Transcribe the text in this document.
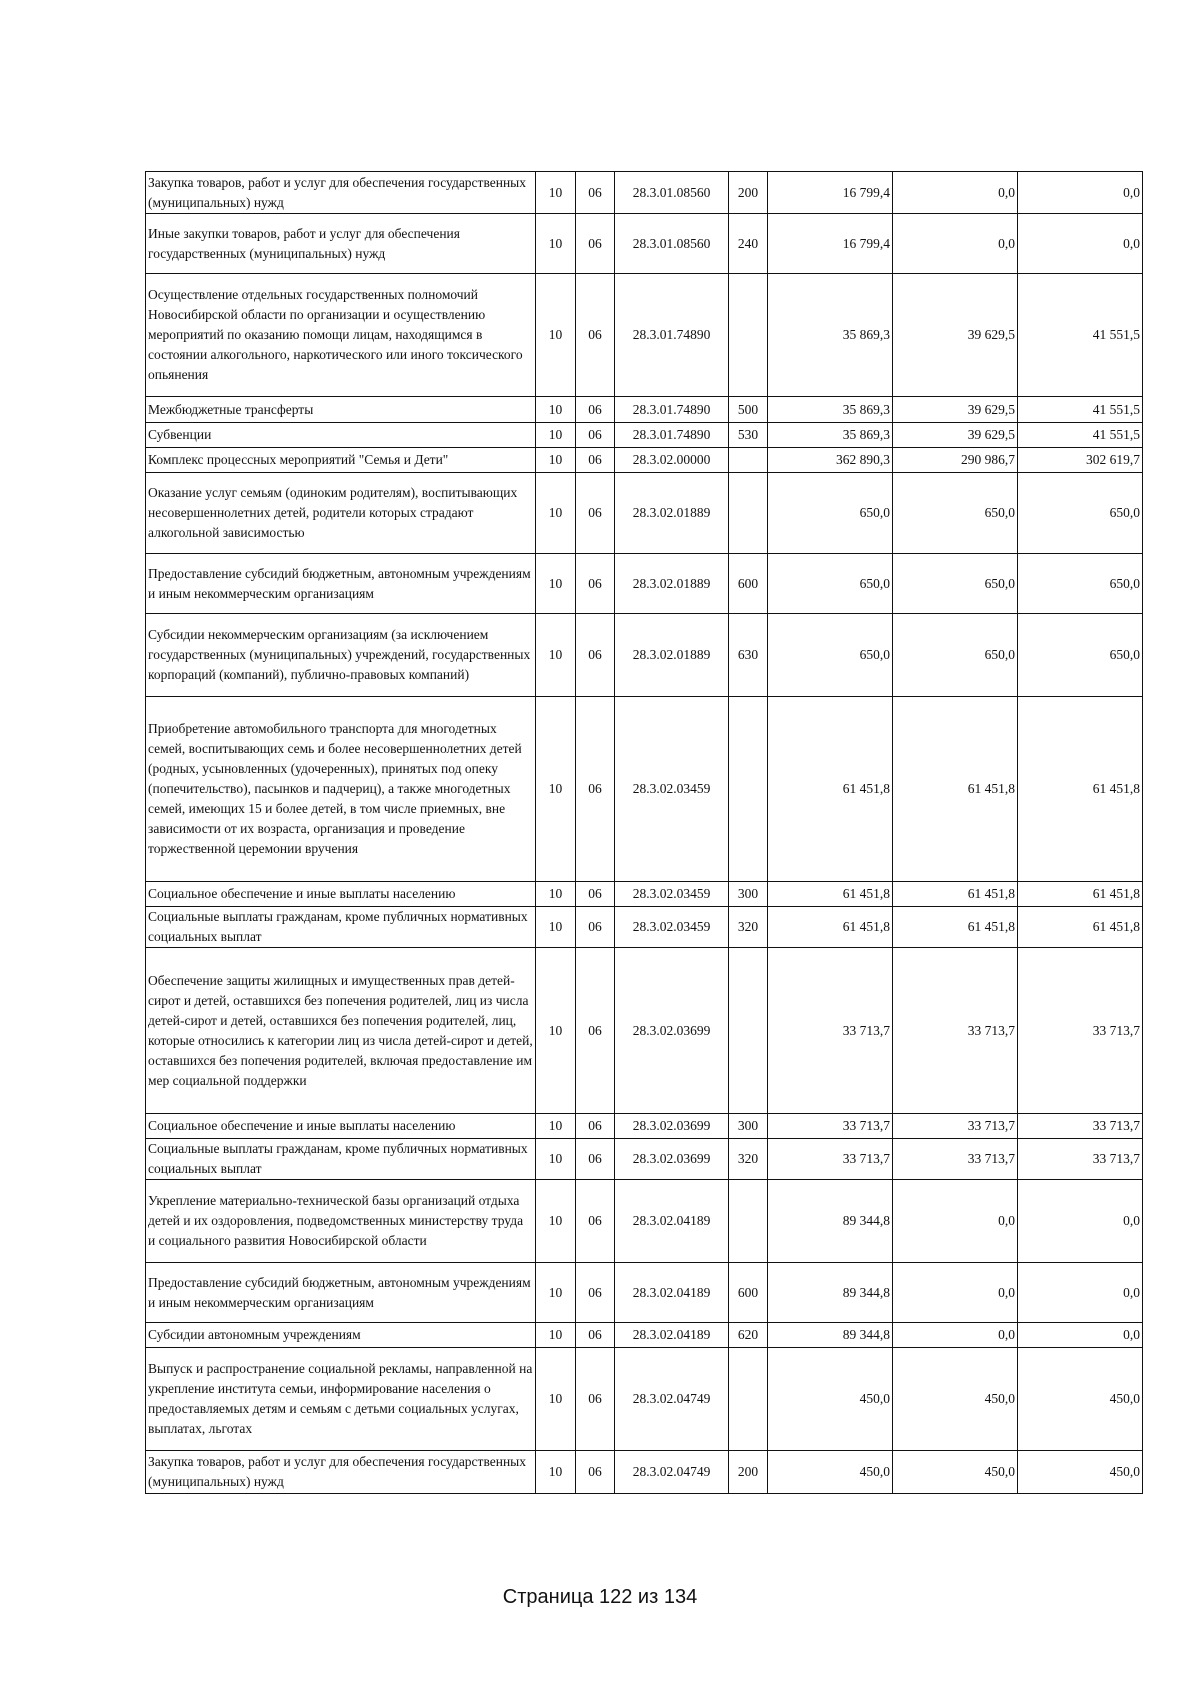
Закупка товаров, работ и услуг для обеспечения государственных (муниципальных) нужд	10	06	28.3.01.08560	200	16 799,4	0,0	0,0
Иные закупки товаров, работ и услуг для обеспечения государственных (муниципальных) нужд	10	06	28.3.01.08560	240	16 799,4	0,0	0,0
Осуществление отдельных государственных полномочий Новосибирской области по организации и осуществлению мероприятий по оказанию помощи лицам, находящимся в состоянии алкогольного, наркотического или иного токсического опьянения	10	06	28.3.01.74890		35 869,3	39 629,5	41 551,5
Межбюджетные трансферты	10	06	28.3.01.74890	500	35 869,3	39 629,5	41 551,5
Субвенции	10	06	28.3.01.74890	530	35 869,3	39 629,5	41 551,5
Комплекс процессных мероприятий "Семья и Дети"	10	06	28.3.02.00000		362 890,3	290 986,7	302 619,7
Оказание услуг семьям (одиноким родителям), воспитывающих несовершеннолетних детей, родители которых страдают алкогольной зависимостью	10	06	28.3.02.01889		650,0	650,0	650,0
Предоставление субсидий бюджетным, автономным учреждениям и иным некоммерческим организациям	10	06	28.3.02.01889	600	650,0	650,0	650,0
Субсидии некоммерческим организациям (за исключением государственных (муниципальных) учреждений, государственных корпораций (компаний), публично-правовых компаний)	10	06	28.3.02.01889	630	650,0	650,0	650,0
Приобретение автомобильного транспорта для многодетных семей, воспитывающих семь и более несовершеннолетних детей (родных, усыновленных (удочеренных), принятых под опеку (попечительство), пасынков и падчериц), а также многодетных семей, имеющих 15 и более детей, в том числе приемных, вне зависимости от их возраста, организация и проведение торжественной церемонии вручения	10	06	28.3.02.03459		61 451,8	61 451,8	61 451,8
Социальное обеспечение и иные выплаты населению	10	06	28.3.02.03459	300	61 451,8	61 451,8	61 451,8
Социальные выплаты гражданам, кроме публичных нормативных социальных выплат	10	06	28.3.02.03459	320	61 451,8	61 451,8	61 451,8
Обеспечение защиты жилищных и имущественных прав детей-сирот и детей, оставшихся без попечения родителей, лиц из числа детей-сирот и детей, оставшихся без попечения родителей, лиц, которые относились к категории лиц из числа детей-сирот и детей, оставшихся без попечения родителей, включая предоставление им мер социальной поддержки	10	06	28.3.02.03699		33 713,7	33 713,7	33 713,7
Социальное обеспечение и иные выплаты населению	10	06	28.3.02.03699	300	33 713,7	33 713,7	33 713,7
Социальные выплаты гражданам, кроме публичных нормативных социальных выплат	10	06	28.3.02.03699	320	33 713,7	33 713,7	33 713,7
Укрепление материально-технической базы организаций отдыха детей и их оздоровления, подведомственных министерству труда и социального развития Новосибирской области	10	06	28.3.02.04189		89 344,8	0,0	0,0
Предоставление субсидий бюджетным, автономным учреждениям и иным некоммерческим организациям	10	06	28.3.02.04189	600	89 344,8	0,0	0,0
Субсидии автономным учреждениям	10	06	28.3.02.04189	620	89 344,8	0,0	0,0
Выпуск и распространение социальной рекламы, направленной на укрепление института семьи, информирование населения о предоставляемых детям и семьям с детьми социальных услугах, выплатах, льготах	10	06	28.3.02.04749		450,0	450,0	450,0
Закупка товаров, работ и услуг для обеспечения государственных (муниципальных) нужд	10	06	28.3.02.04749	200	450,0	450,0	450,0
Страница 122 из 134
